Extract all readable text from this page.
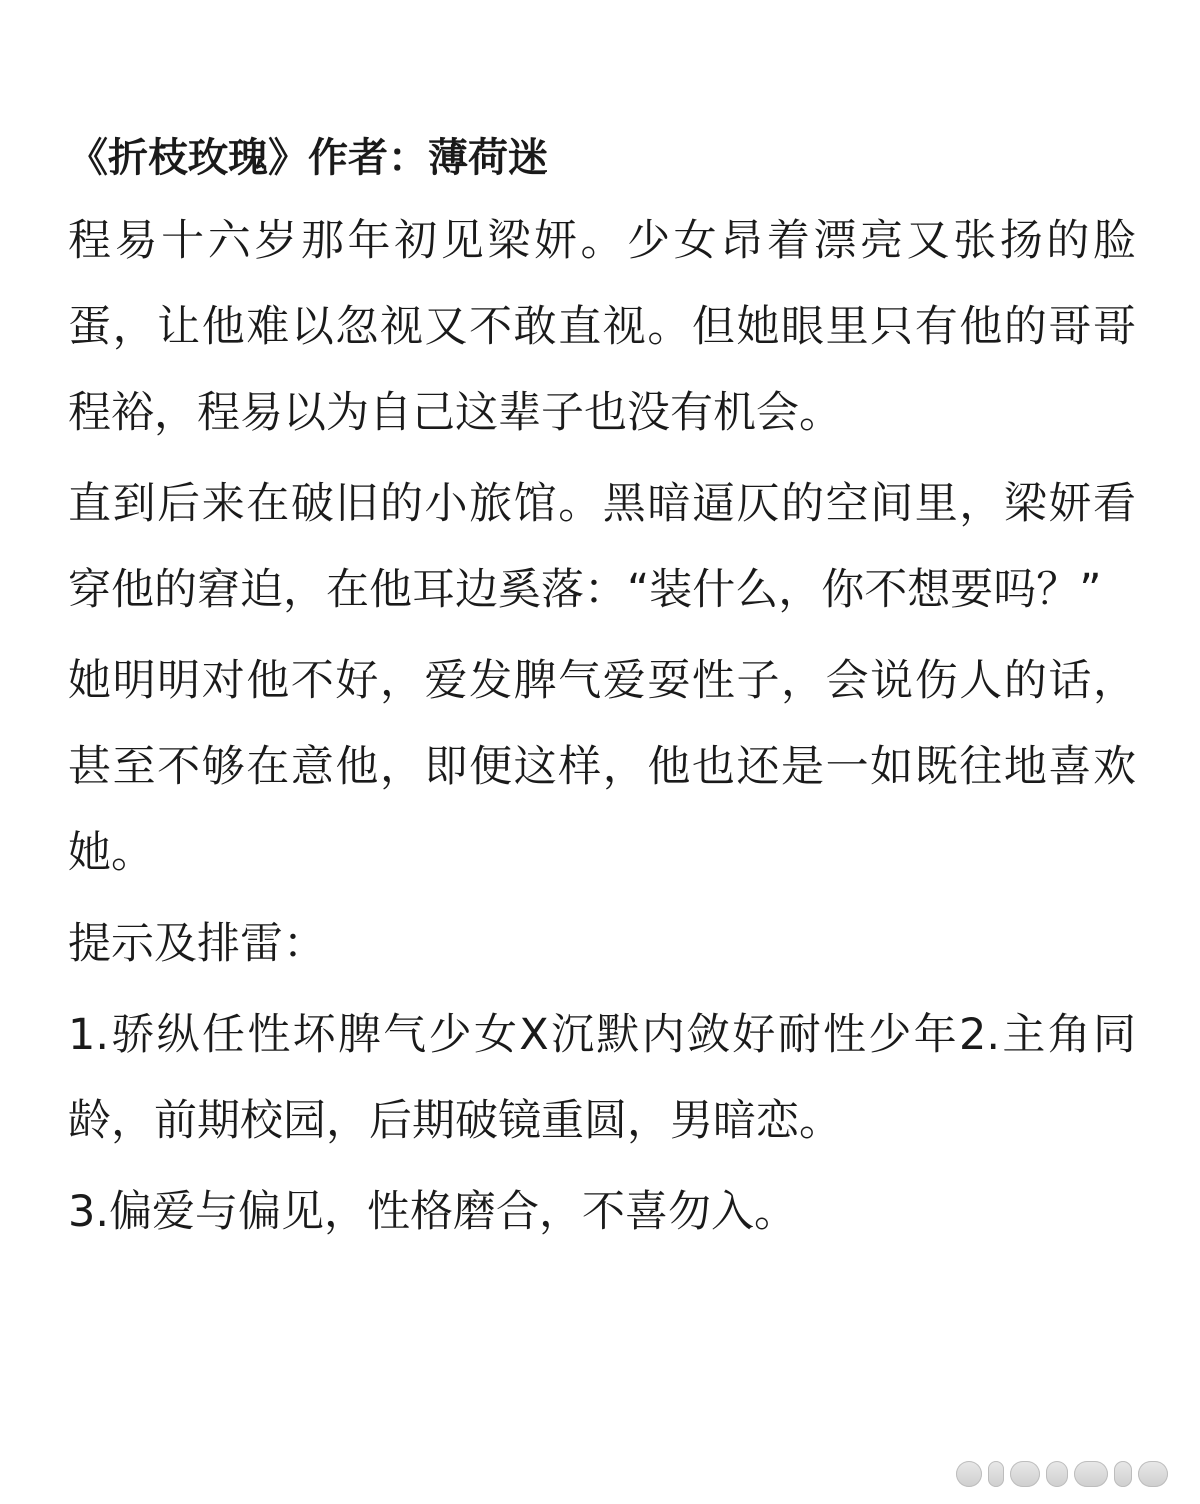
《折枝玫瑰》作者：薄荷迷

程易十六岁那年初见梁妍。少女昂着漂亮又张扬的脸蛋，让他难以忽视又不敢直视。但她眼里只有他的哥哥程裕，程易以为自己这辈子也没有机会。

直到后来在破旧的小旅馆。黑暗逼仄的空间里，梁妍看穿他的窘迫，在他耳边奚落：“装什么，你不想要吗？”

她明明对他不好，爱发脾气爱耍性子，会说伤人的话，甚至不够在意他，即便这样，他也还是一如既往地喜欢她。

提示及排雷：

1.骄纵任性坏脾气少女X沉默内敛好耐性少年2.主角同龄，前期校园，后期破镜重圆，男暗恋。

3.偏爱与偏见，性格磨合，不喜勿入。
